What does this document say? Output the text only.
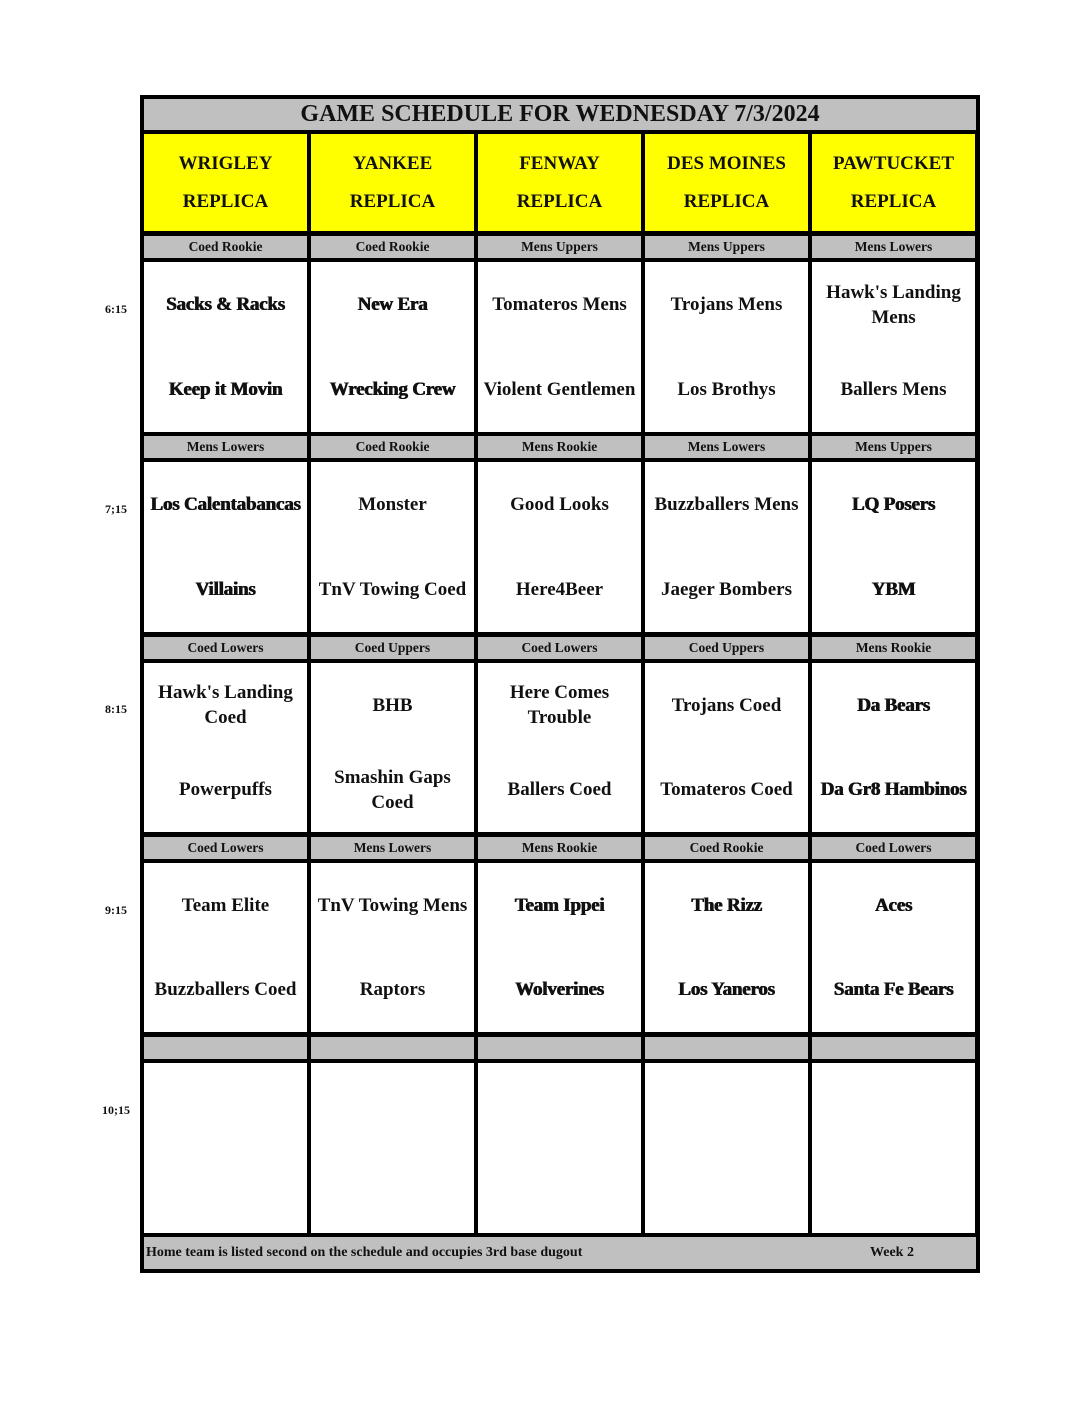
GAME SCHEDULE FOR WEDNESDAY 7/3/2024
WRIGLEY
REPLICA
YANKEE
REPLICA
FENWAY
REPLICA
DES MOINES
REPLICA
PAWTUCKET
REPLICA
Coed Rookie
Sacks & Racks
Keep it Movin
Coed Rookie
New Era
Wrecking Crew
Mens Uppers
Tomateros Mens
Violent Gentlemen
Mens Uppers
Trojans Mens
Los Brothys
Mens Lowers
Hawk's Landing Mens
Ballers Mens
Mens Lowers
Los Calentabancas
Villains
Coed Rookie
Monster
TnV Towing Coed
Mens Rookie
Good Looks
Here4Beer
Mens Lowers
Buzzballers Mens
Jaeger Bombers
Mens Uppers
LQ Posers
YBM
Coed Lowers
Hawk's Landing Coed
Powerpuffs
Coed Uppers
BHB
Smashin Gaps Coed
Coed Lowers
Here Comes Trouble
Ballers Coed
Coed Uppers
Trojans Coed
Tomateros Coed
Mens Rookie
Da Bears
Da Gr8 Hambinos
Coed Lowers
Team Elite
Buzzballers Coed
Mens Lowers
TnV Towing Mens
Raptors
Mens Rookie
Team Ippei
Wolverines
Coed Rookie
The Rizz
Los Yaneros
Coed Lowers
Aces
Santa Fe Bears
Home team is listed second on the schedule and occupies 3rd base dugout	Week 2
6:15
7;15
8:15
9:15
10;15
